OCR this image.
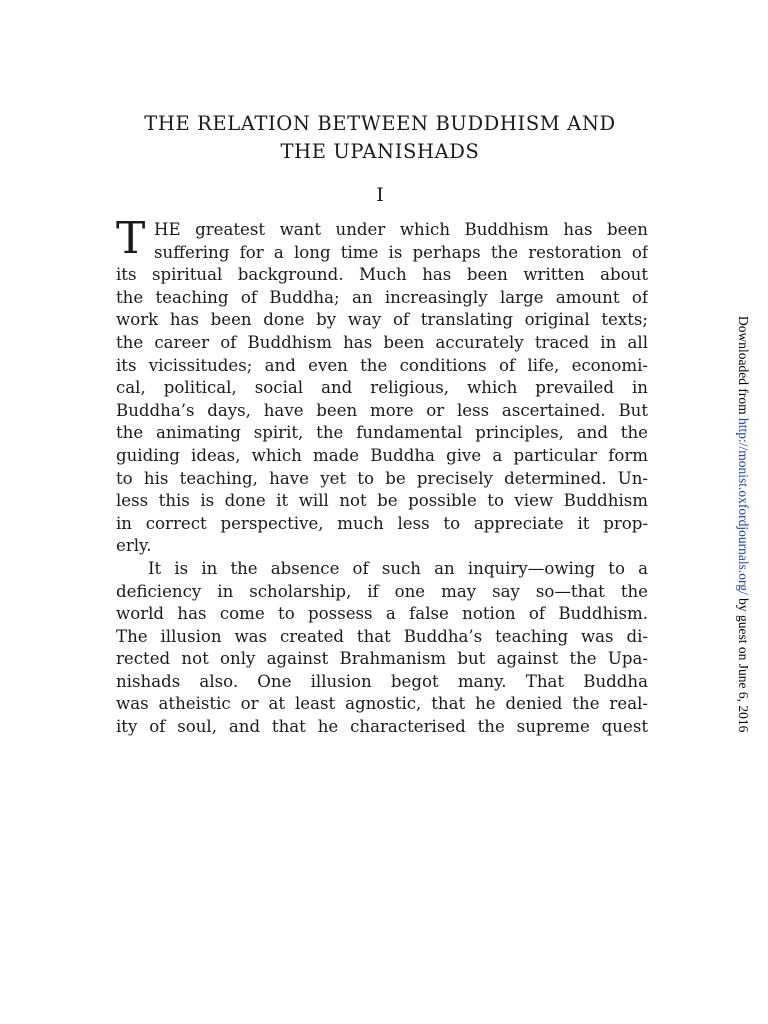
THE RELATION BETWEEN BUDDHISM AND
THE UPANISHADS
I
T HE greatest want under which Buddhism has been
suffering for a long time is perhaps the restoration of
its spiritual background. Much has been written about
the teaching of Buddha; an increasingly large amount of
work has been done by way of translating original texts;
the career of Buddhism has been accurately traced in all
its vicissitudes; and even the conditions of life, economi-
cal, political, social and religious, which prevailed in
Buddha’s days, have been more or less ascertained. But
the animating spirit, the fundamental principles, and the
guiding ideas, which made Buddha give a particular form
to his teaching, have yet to be precisely determined. Un-
less this is done it will not be possible to view Buddhism
in correct perspective, much less to appreciate it prop-
erly.
It is in the absence of such an inquiry—owing to a
deficiency in scholarship, if one may say so—that the
world has come to possess a false notion of Buddhism.
The illusion was created that Buddha’s teaching was di-
rected not only against Brahmanism but against the Upa-
nishads also. One illusion begot many. That Buddha
was atheistic or at least agnostic, that he denied the real-
ity of soul, and that he characterised the supreme quest
Downloaded from http://monist.oxfordjournals.org/ by guest on June 6, 2016
